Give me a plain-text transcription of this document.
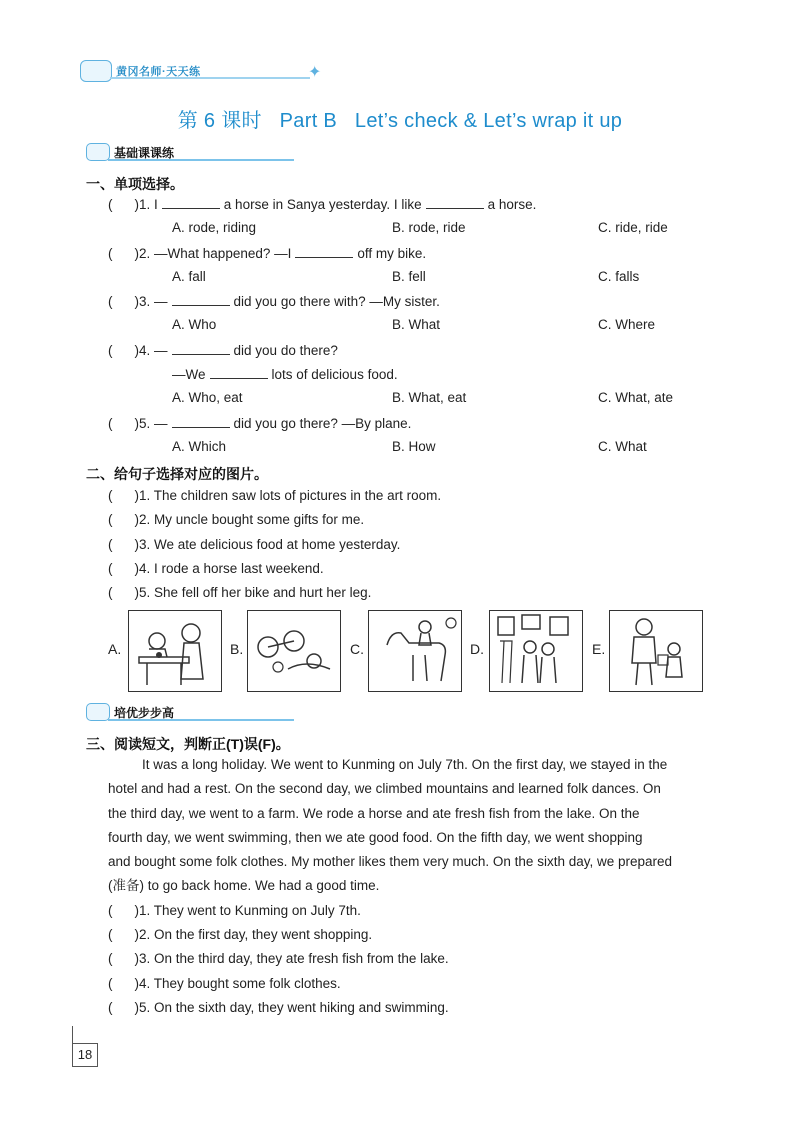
黄冈名师·天天练	✦
第 6 课时 Part B Let’s check & Let’s wrap it up
基础课课练
一、单项选择。
( )1. I	a horse in Sanya yesterday. I like	a horse.
A. rode, riding	B. rode, ride	C. ride, ride
( )2. —What happened? —I	off my bike.
A. fall	B. fell	C. falls
( )3. —	did you go there with? —My sister.
A. Who	B. What	C. Where
( )4. —	did you do there?
—We	lots of delicious food.
A. Who, eat	B. What, eat	C. What, ate
( )5. —	did you go there? —By plane.
A. Which	B. How	C. What
二、给句子选择对应的图片。
( )1. The children saw lots of pictures in the art room.
( )2. My uncle bought some gifts for me.
( )3. We ate delicious food at home yesterday.
( )4. I rode a horse last weekend.
( )5. She fell off her bike and hurt her leg.
A.	B.	C.	D.	E.
培优步步高
三、阅读短文，判断正(T)误(F)。
It was a long holiday. We went to Kunming on July 7th. On the first day, we stayed in the
hotel and had a rest. On the second day, we climbed mountains and learned folk dances. On
the third day, we went to a farm. We rode a horse and ate fresh fish from the lake. On the
fourth day, we went swimming, then we ate good food. On the fifth day, we went shopping
and bought some folk clothes. My mother likes them very much. On the sixth day, we prepared
(准备) to go back home. We had a good time.
( )1. They went to Kunming on July 7th.
( )2. On the first day, they went shopping.
( )3. On the third day, they ate fresh fish from the lake.
( )4. They bought some folk clothes.
( )5. On the sixth day, they went hiking and swimming.
18
